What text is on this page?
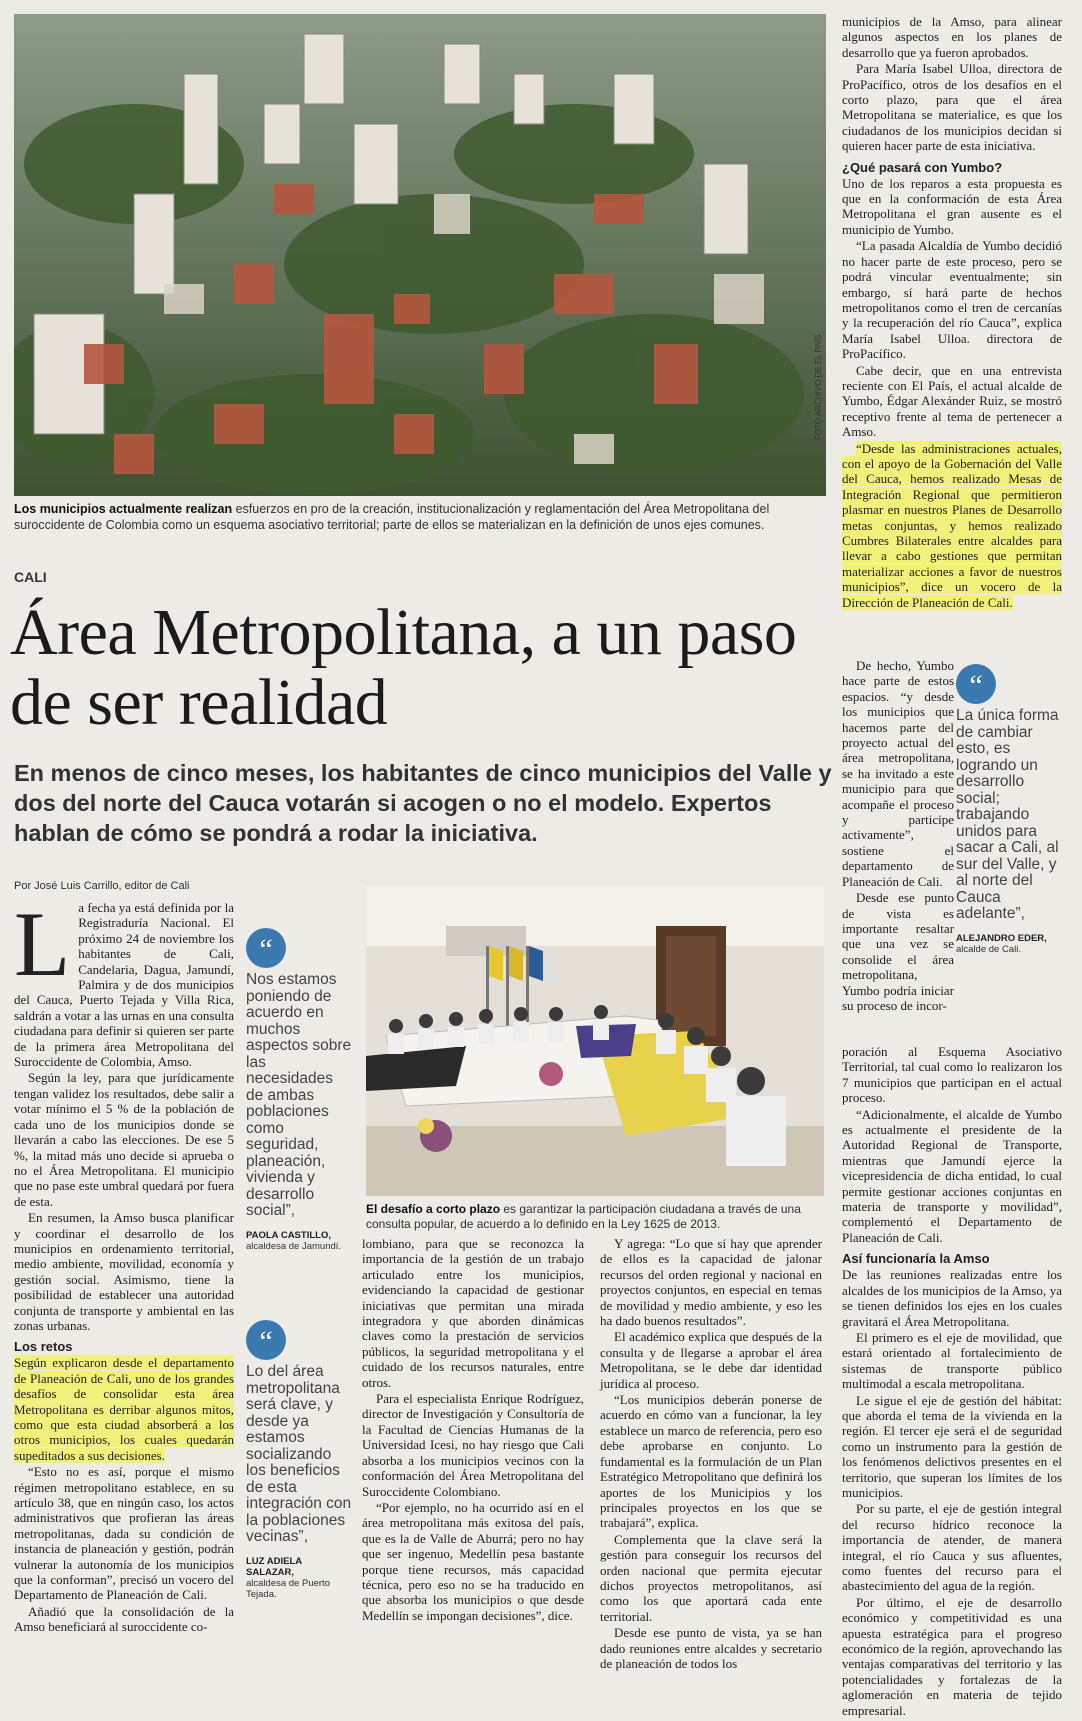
FOTO ARCHIVO DE EL PAÍS
Los municipios actualmente realizan esfuerzos en pro de la creación, institucionalización y reglamentación del Área Metropolitana del suroccidente de Colombia como un esquema asociativo territorial; parte de ellos se materializan en la definición de unos ejes comunes.
CALI
Área Metropolitana, a un paso de ser realidad
En menos de cinco meses, los habitantes de cinco municipios del Valle y dos del norte del Cauca votarán si acogen o no el modelo. Expertos hablan de cómo se pondrá a rodar la iniciativa.
Por José Luis Carrillo, editor de Cali

La fecha ya está definida por la Registraduría Nacional. El próximo 24 de noviembre los habitantes de Cali, Candelaria, Dagua, Jamundí, Palmira y de dos municipios del Cauca, Puerto Tejada y Villa Rica, saldrán a votar a las urnas en una consulta ciudadana para definir si quieren ser parte de la primera área Metropolitana del Suroccidente de Colombia, Amso.

Según la ley, para que jurídicamente tengan validez los resultados, debe salir a votar mínimo el 5 % de la población de cada uno de los municipios donde se llevarán a cabo las elecciones. De ese 5 %, la mitad más uno decide si aprueba o no el Área Metropolitana. El municipio que no pase este umbral quedará por fuera de esta.

En resumen, la Amso busca planificar y coordinar el desarrollo de los municipios en ordenamiento territorial, medio ambiente, movilidad, economía y gestión social. Asimismo, tiene la posibilidad de establecer una autoridad conjunta de transporte y ambiental en las zonas urbanas.

Los retos

Según explicaron desde el departamento de Planeación de Cali, uno de los grandes desafíos de consolidar esta área Metropolitana es derribar algunos mitos, como que esta ciudad absorberá a los otros municipios, los cuales quedarán supeditados a sus decisiones.

“Esto no es así, porque el mismo régimen metropolitano establece, en su artículo 38, que en ningún caso, los actos administrativos que profieran las áreas metropolitanas, dada su condición de instancia de planeación y gestión, podrán vulnerar la autonomía de los municipios que la conforman”, precisó un vocero del Departamento de Planeación de Cali.

Añadió que la consolidación de la Amso beneficiará al suroccidente co-

“
Nos estamos poniendo de acuerdo en muchos aspectos sobre las necesidades de ambas poblaciones como seguridad, planeación, vivienda y desarrollo social”,
PAOLA CASTILLO,
alcaldesa de Jamundí.
“
Lo del área metropolitana será clave, y desde ya estamos socializando los beneficios de esta integración con la poblaciones vecinas”,
LUZ ADIELA SALAZAR,
alcaldesa de Puerto Tejada.
El desafío a corto plazo es garantizar la participación ciudadana a través de una consulta popular, de acuerdo a lo definido en la Ley 1625 de 2013.

lombiano, para que se reconozca la importancia de la gestión de un trabajo articulado entre los municipios, evidenciando la capacidad de gestionar iniciativas que permitan una mirada integradora y que aborden dinámicas claves como la prestación de servicios públicos, la seguridad metropolitana y el cuidado de los recursos naturales, entre otros.

Para el especialista Enrique Rodríguez, director de Investigación y Consultoría de la Facultad de Ciencias Humanas de la Universidad Icesi, no hay riesgo que Cali absorba a los municipios vecinos con la conformación del Área Metropolitana del Suroccidente Colombiano.

“Por ejemplo, no ha ocurrido así en el área metropolitana más exitosa del país, que es la de Valle de Aburrá; pero no hay que ser ingenuo, Medellín pesa bastante porque tiene recursos, más capacidad técnica, pero eso no se ha traducido en que absorba los municipios o que desde Medellín se impongan decisiones”, dice.

Y agrega: “Lo que sí hay que aprender de ellos es la capacidad de jalonar recursos del orden regional y nacional en proyectos conjuntos, en especial en temas de movilidad y medio ambiente, y eso les ha dado buenos resultados”.

El académico explica que después de la consulta y de llegarse a aprobar el área Metropolitana, se le debe dar identidad jurídica al proceso.

“Los municipios deberán ponerse de acuerdo en cómo van a funcionar, la ley establece un marco de referencia, pero eso debe aprobarse en conjunto. Lo fundamental es la formulación de un Plan Estratégico Metropolitano que definirá los aportes de los Municipios y los principales proyectos en los que se trabajará”, explica.

Complementa que la clave será la gestión para conseguir los recursos del orden nacional que permita ejecutar dichos proyectos metropolitanos, así como los que aportará cada ente territorial.

Desde ese punto de vista, ya se han dado reuniones entre alcaldes y secretario de planeación de todos los

municipios de la Amso, para alinear algunos aspectos en los planes de desarrollo que ya fueron aprobados.

Para María Isabel Ulloa, directora de ProPacífico, otros de los desafíos en el corto plazo, para que el área Metropolitana se materialice, es que los ciudadanos de los municipios decidan si quieren hacer parte de esta iniciativa.

¿Qué pasará con Yumbo?

Uno de los reparos a esta propuesta es que en la conformación de esta Área Metropolitana el gran ausente es el municipio de Yumbo.

“La pasada Alcaldía de Yumbo decidió no hacer parte de este proceso, pero se podrá vincular eventualmente; sin embargo, sí hará parte de hechos metropolitanos como el tren de cercanías y la recuperación del río Cauca”, explica María Isabel Ulloa. directora de ProPacífico.

Cabe decir, que en una entrevista reciente con El País, el actual alcalde de Yumbo, Édgar Alexánder Ruiz, se mostró receptivo frente al tema de pertenecer a Amso.

“Desde las administraciones actuales, con el apoyo de la Gobernación del Valle del Cauca, hemos realizado Mesas de Integración Regional que permitieron plasmar en nuestros Planes de Desarrollo metas conjuntas, y hemos realizado Cumbres Bilaterales entre alcaldes para llevar a cabo gestiones que permitan materializar acciones a favor de nuestros municipios”, dice un vocero de la Dirección de Planeación de Cali.

De hecho, Yumbo hace parte de estos espacios. “y desde los municipios que hacemos parte del proyecto actual del área metropolitana, se ha invitado a este municipio para que acompañe el proceso y participe activamente”, sostiene el departamento de Planeación de Cali.

Desde ese punto de vista es importante resaltar que una vez se consolide el área metropolitana, Yumbo podría iniciar su proceso de incor-

“
La única forma de cambiar esto, es logrando un desarrollo social; trabajando unidos para sacar a Cali, al sur del Valle, y al norte del Cauca adelante”,
ALEJANDRO EDER,
alcalde de Cali.

poración al Esquema Asociativo Territorial, tal cual como lo realizaron los 7 municipios que participan en el actual proceso.

“Adicionalmente, el alcalde de Yumbo es actualmente el presidente de la Autoridad Regional de Transporte, mientras que Jamundí ejerce la vicepresidencia de dicha entidad, lo cual permite gestionar acciones conjuntas en materia de transporte y movilidad”, complementó el Departamento de Planeación de Cali.

Así funcionaría la Amso

De las reuniones realizadas entre los alcaldes de los municipios de la Amso, ya se tienen definidos los ejes en los cuales gravitará el Área Metropolitana.

El primero es el eje de movilidad, que estará orientado al fortalecimiento de sistemas de transporte público multimodal a escala metropolitana.

Le sigue el eje de gestión del hábitat: que aborda el tema de la vivienda en la región. El tercer eje será el de seguridad como un instrumento para la gestión de los fenómenos delictivos presentes en el territorio, que superan los límites de los municipios.

Por su parte, el eje de gestión integral del recurso hídrico reconoce la importancia de atender, de manera integral, el río Cauca y sus afluentes, como fuentes del recurso para el abastecimiento del agua de la región.

Por último, el eje de desarrollo económico y competitividad es una apuesta estratégica para el progreso económico de la región, aprovechando las ventajas comparativas del territorio y las potencialidades y fortalezas de la aglomeración en materia de tejido empresarial.
